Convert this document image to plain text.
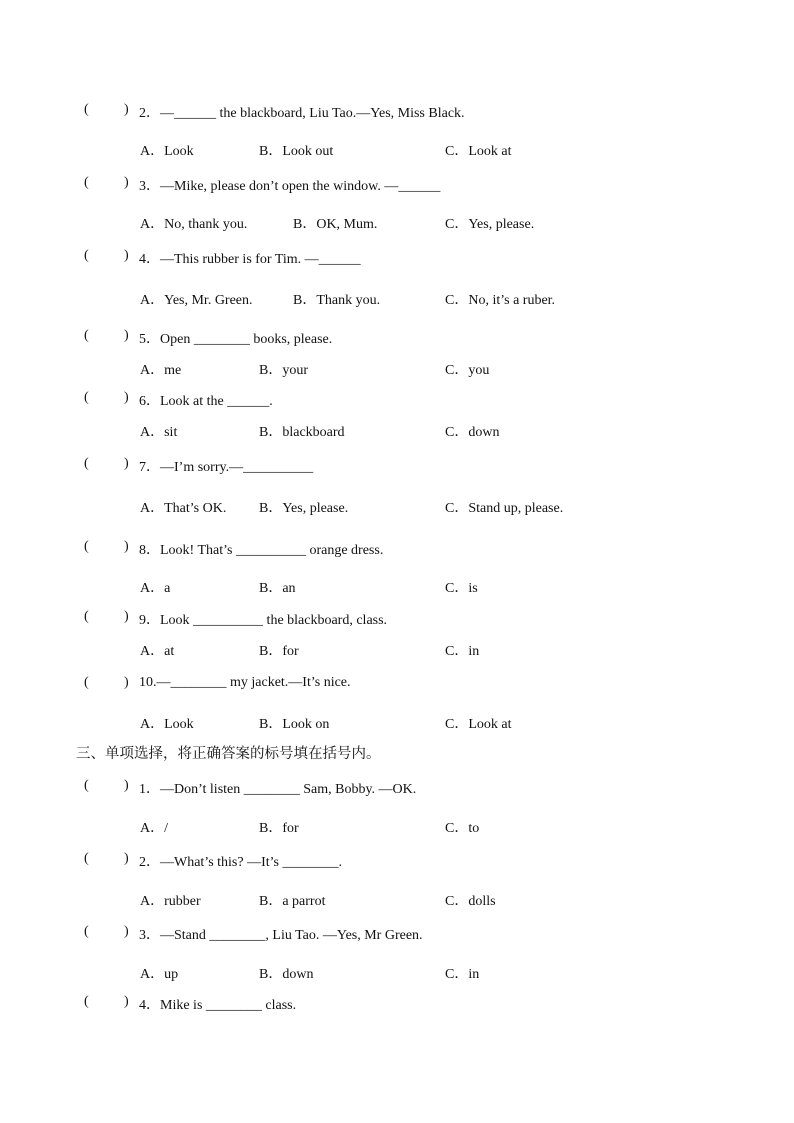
(	) 2．—______ the blackboard, Liu Tao.—Yes, Miss Black.
A．Look	B．Look out	C．Look at
(	) 3．—Mike, please don’t open the window. —______
A．No, thank you.	B．OK, Mum.	C．Yes, please.
(	) 4．—This rubber is for Tim. —______
A．Yes, Mr. Green.	B．Thank you.	C．No, it’s a ruber.
(	) 5．Open ________ books, please.
A．me	B．your	C．you
(	) 6．Look at the ______.
A．sit	B．blackboard	C．down
(	) 7．—I’m sorry.—__________
A．That’s OK. B．Yes, please.	C．Stand up, please.
(	) 8．Look! That’s __________ orange dress.
A．a	B．an	C．is
(	) 9．Look __________ the blackboard, class.
A．at	B．for	C．in
(	) 10.—________ my jacket.—It’s nice.
A．Look	B．Look on	C．Look at
三、单项选择，将正确答案的标号填在括号内。
(	) 1．—Don’t listen ________ Sam, Bobby. —OK.
A．/	B．for	C．to
(	) 2．—What’s this? —It’s ________.
A．rubber	B．a parrot	C．dolls
(	) 3．—Stand ________, Liu Tao. —Yes, Mr Green.
A．up	B．down	C．in
(	) 4．Mike is ________ class.
